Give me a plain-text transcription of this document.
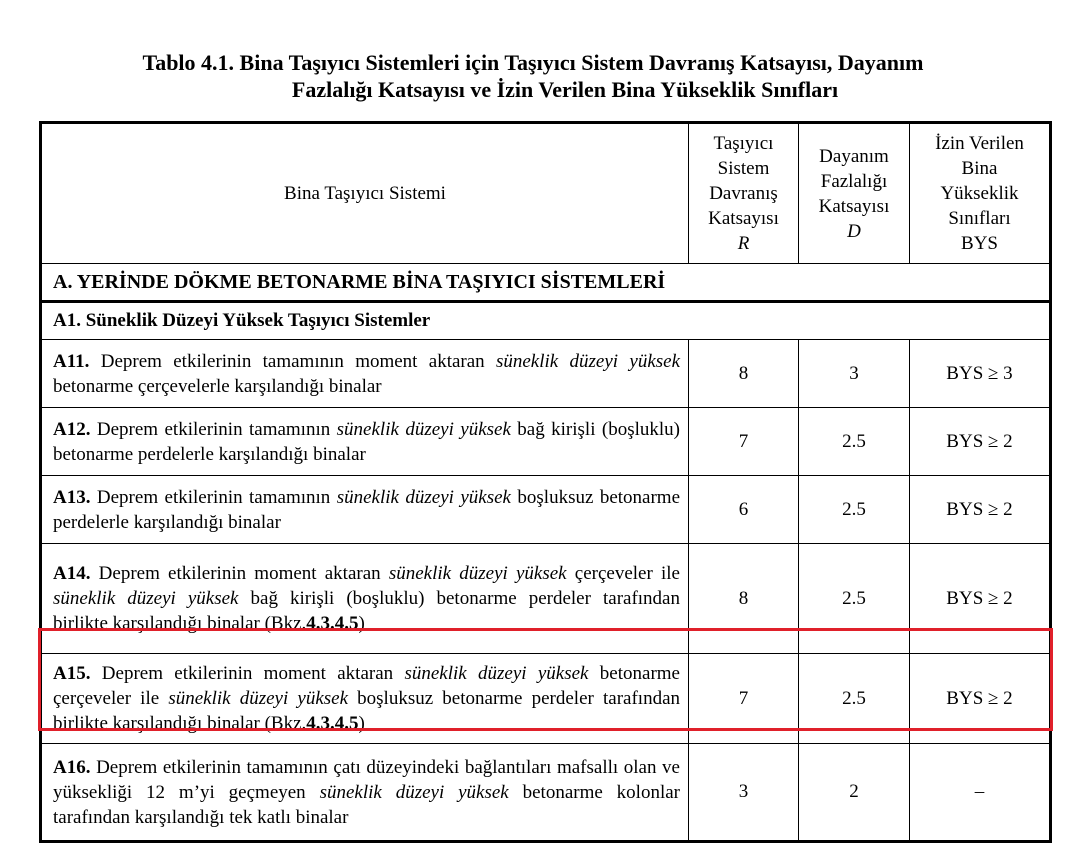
Tablo 4.1. Bina Taşıyıcı Sistemleri için Taşıyıcı Sistem Davranış Katsayısı, Dayanım
Fazlalığı Katsayısı ve İzin Verilen Bina Yükseklik Sınıfları
Bina Taşıyıcı Sistemi	Taşıyıcı
Sistem
Davranış
Katsayısı
R	Dayanım
Fazlalığı
Katsayısı
D	İzin Verilen
Bina
Yükseklik
Sınıfları
BYS
A. YERİNDE DÖKME BETONARME BİNA TAŞIYICI SİSTEMLERİ			
A1. Süneklik Düzeyi Yüksek Taşıyıcı Sistemler			
A11. Deprem etkilerinin tamamının moment aktaran süneklik düzeyi yüksek betonarme çerçevelerle karşılandığı binalar	8	3	BYS ≥ 3
A12. Deprem etkilerinin tamamının süneklik düzeyi yüksek bağ kirişli (boşluklu) betonarme perdelerle karşılandığı binalar	7	2.5	BYS ≥ 2
A13. Deprem etkilerinin tamamının süneklik düzeyi yüksek boşluksuz betonarme perdelerle karşılandığı binalar	6	2.5	BYS ≥ 2
A14. Deprem etkilerinin moment aktaran süneklik düzeyi yüksek çerçeveler ile süneklik düzeyi yüksek bağ kirişli (boşluklu) betonarme perdeler tarafından birlikte karşılandığı binalar (Bkz.4.3.4.5)	8	2.5	BYS ≥ 2
A15. Deprem etkilerinin moment aktaran süneklik düzeyi yüksek betonarme çerçeveler ile süneklik düzeyi yüksek boşluksuz betonarme perdeler tarafından birlikte karşılandığı binalar (Bkz.4.3.4.5)	7	2.5	BYS ≥ 2
A16. Deprem etkilerinin tamamının çatı düzeyindeki bağlantıları mafsallı olan ve yüksekliği 12 m’yi geçmeyen süneklik düzeyi yüksek betonarme kolonlar tarafından karşılandığı tek katlı binalar	3	2	–
